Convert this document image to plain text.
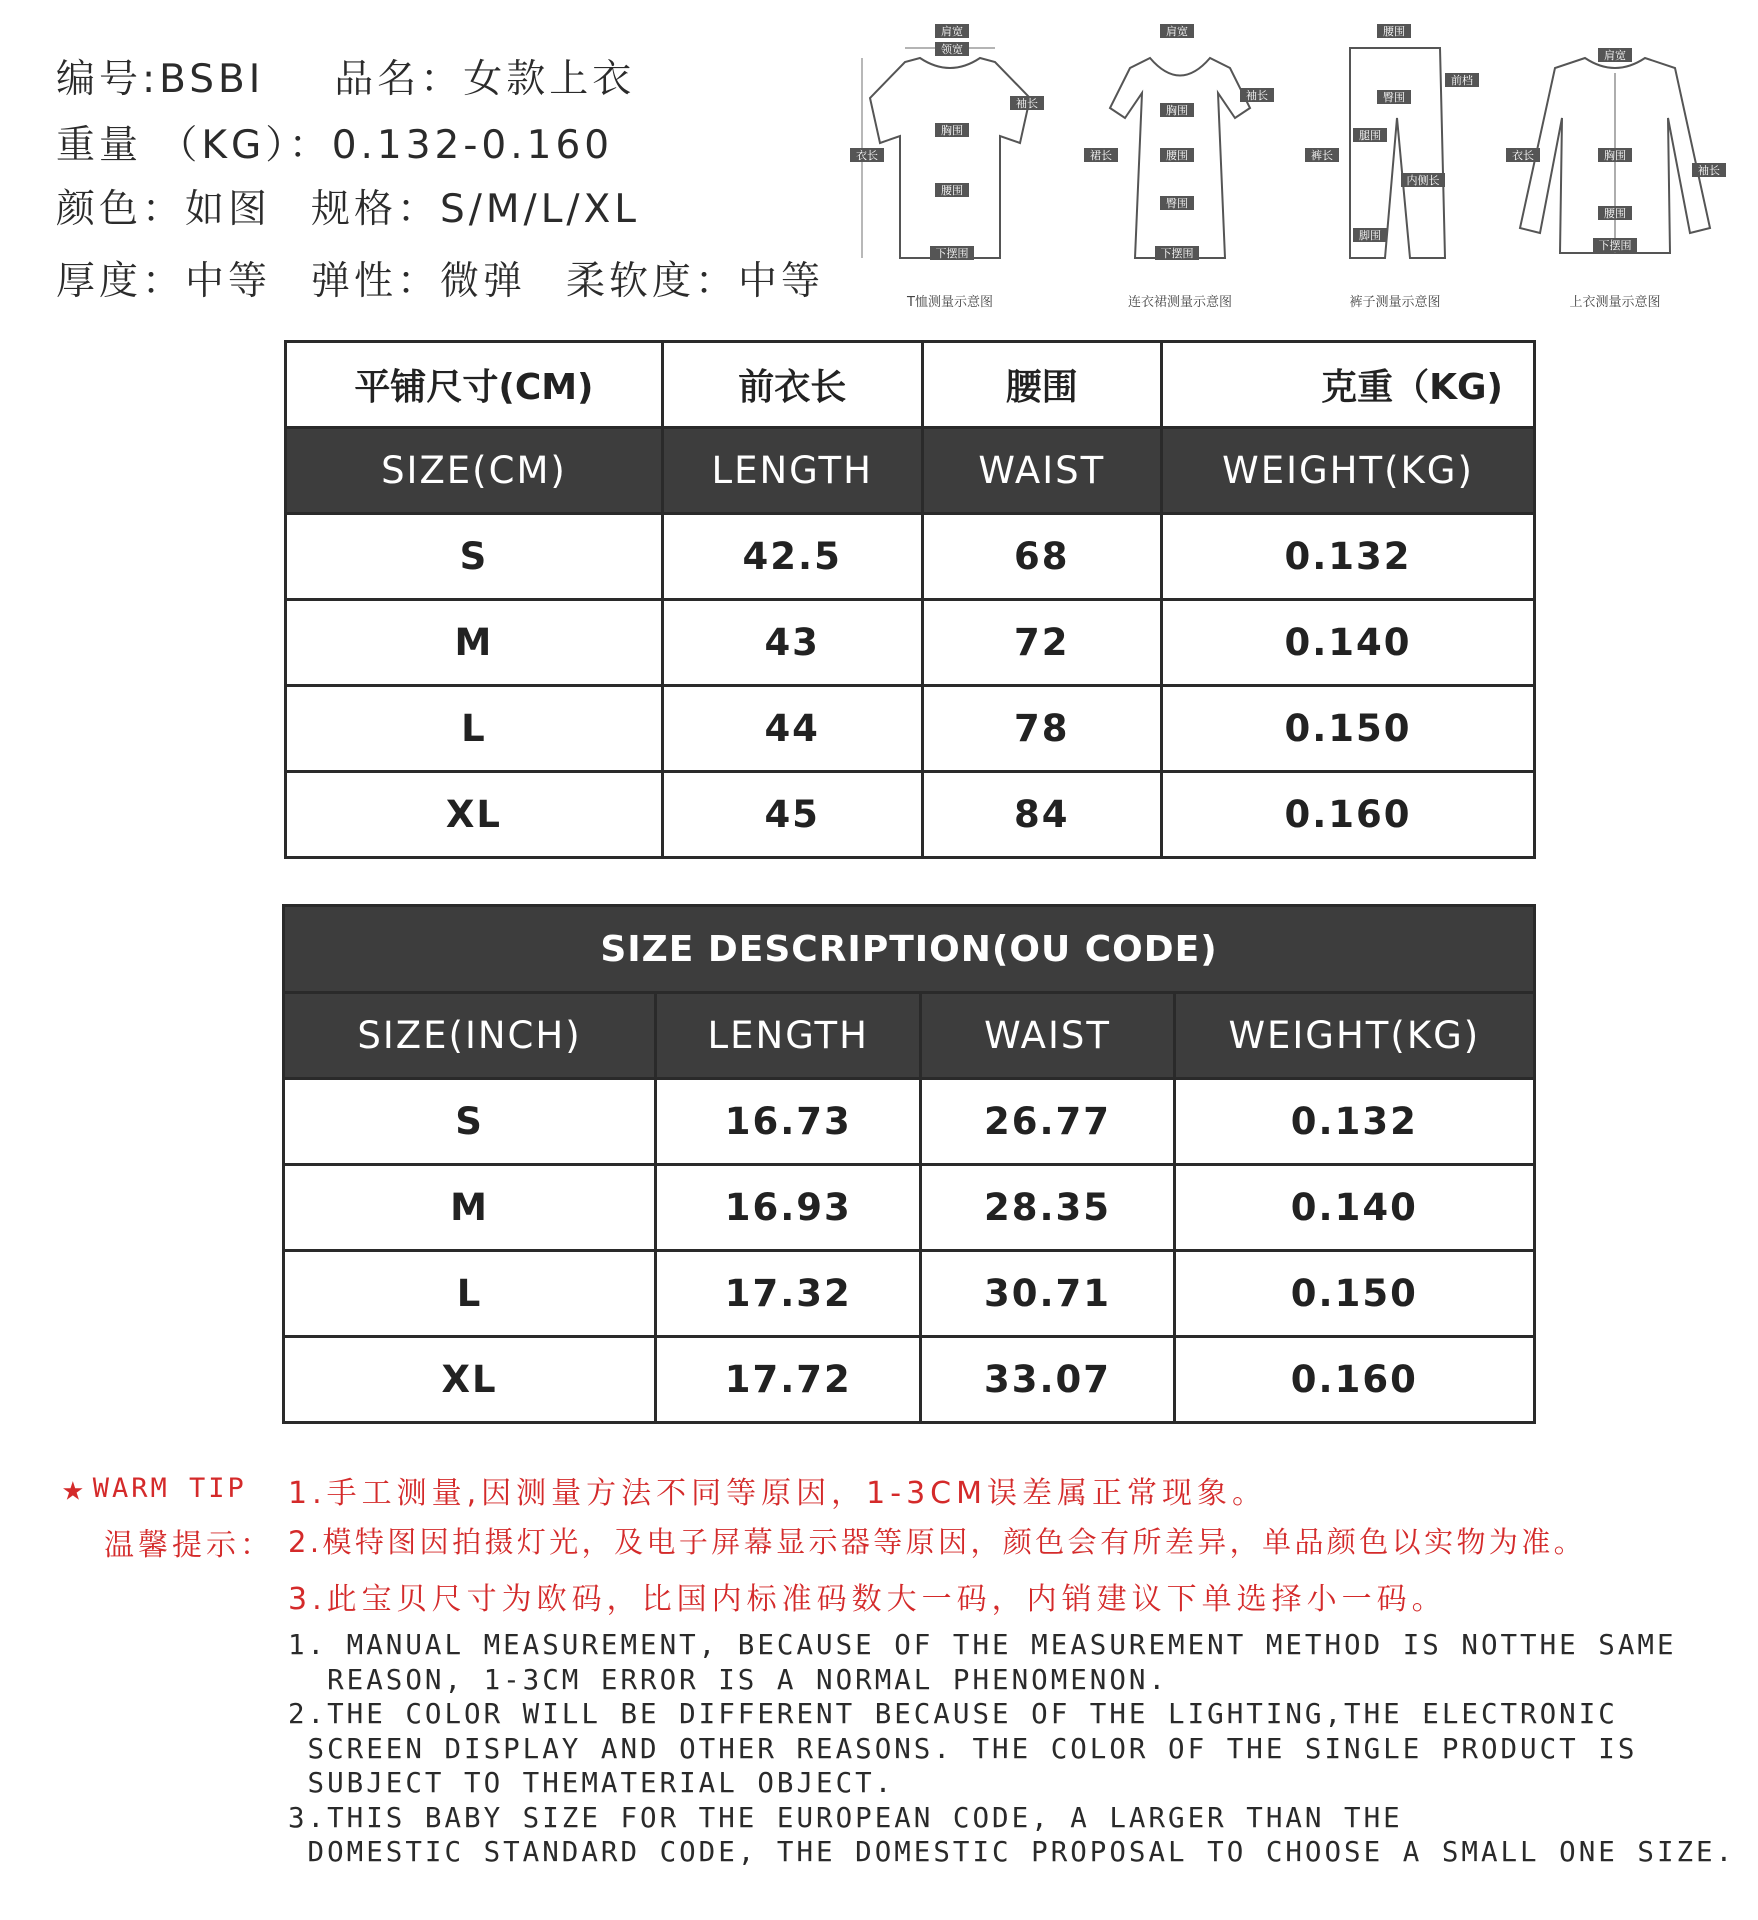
编号:BSBI 品名：女款上衣
重量 （KG）：0.132-0.160
颜色：如图 规格：S/M/L/XL
厚度：中等 弹性：微弹 柔软度：中等
肩宽
领宽
袖长
衣长
胸围
腰围
下摆围
T恤测量示意图
肩宽
袖长
胸围
裙长	腰围
臀围
下摆围
连衣裙测量示意图
腰围
臀围
前档
裤长
腿围
内侧长
脚围
裤子测量示意图
肩宽
衣长	胸围
袖长
腰围
下摆围
上衣测量示意图
平铺尺寸(CM)	前衣长	腰围	克重（KG)
SIZE(CM)	LENGTH	WAIST	WEIGHT(KG)
S	42.5	68	0.132
M	43	72	0.140
L	44	78	0.150
XL	45	84	0.160
SIZE DESCRIPTION(OU CODE)			
SIZE(INCH)	LENGTH	WAIST	WEIGHT(KG)
S	16.73	26.77	0.132
M	16.93	28.35	0.140
L	17.32	30.71	0.150
XL	17.72	33.07	0.160
★ WARM TIP
温馨提示：
1.手工测量,因测量方法不同等原因，1-3CM误差属正常现象。
2.模特图因拍摄灯光，及电子屏幕显示器等原因，颜色会有所差异，单品颜色以实物为准。
3.此宝贝尺寸为欧码，比国内标准码数大一码，内销建议下单选择小一码。
1. MANUAL MEASUREMENT, BECAUSE OF THE MEASUREMENT METHOD IS NOTTHE SAME
REASON, 1-3CM ERROR IS A NORMAL PHENOMENON.
2.THE COLOR WILL BE DIFFERENT BECAUSE OF THE LIGHTING,THE ELECTRONIC
SCREEN DISPLAY AND OTHER REASONS. THE COLOR OF THE SINGLE PRODUCT IS
SUBJECT TO THEMATERIAL OBJECT.
3.THIS BABY SIZE FOR THE EUROPEAN CODE, A LARGER THAN THE
DOMESTIC STANDARD CODE, THE DOMESTIC PROPOSAL TO CHOOSE A SMALL ONE SIZE.
